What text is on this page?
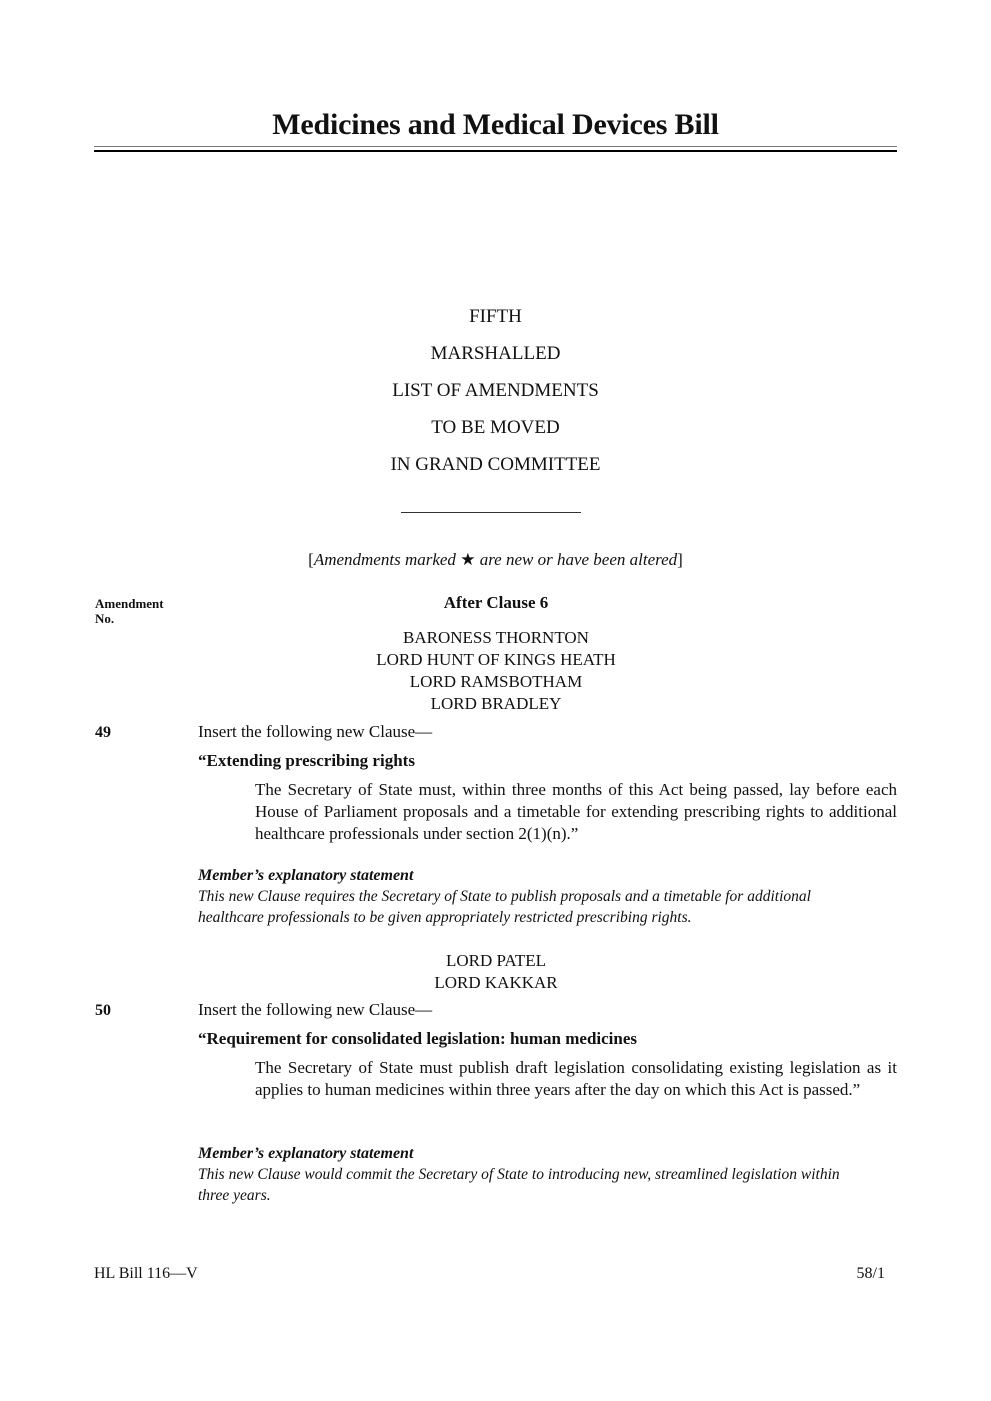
Medicines and Medical Devices Bill
FIFTH
MARSHALLED
LIST OF AMENDMENTS
TO BE MOVED
IN GRAND COMMITTEE
[Amendments marked ★ are new or have been altered]
Amendment
No.
After Clause 6
BARONESS THORNTON
LORD HUNT OF KINGS HEATH
LORD RAMSBOTHAM
LORD BRADLEY
49	Insert the following new Clause—
“Extending prescribing rights
The Secretary of State must, within three months of this Act being passed, lay before each House of Parliament proposals and a timetable for extending prescribing rights to additional healthcare professionals under section 2(1)(n).”
Member’s explanatory statement
This new Clause requires the Secretary of State to publish proposals and a timetable for additional healthcare professionals to be given appropriately restricted prescribing rights.
LORD PATEL
LORD KAKKAR
50	Insert the following new Clause—
“Requirement for consolidated legislation: human medicines
The Secretary of State must publish draft legislation consolidating existing legislation as it applies to human medicines within three years after the day on which this Act is passed.”
Member’s explanatory statement
This new Clause would commit the Secretary of State to introducing new, streamlined legislation within three years.
HL Bill 116—V	58/1
